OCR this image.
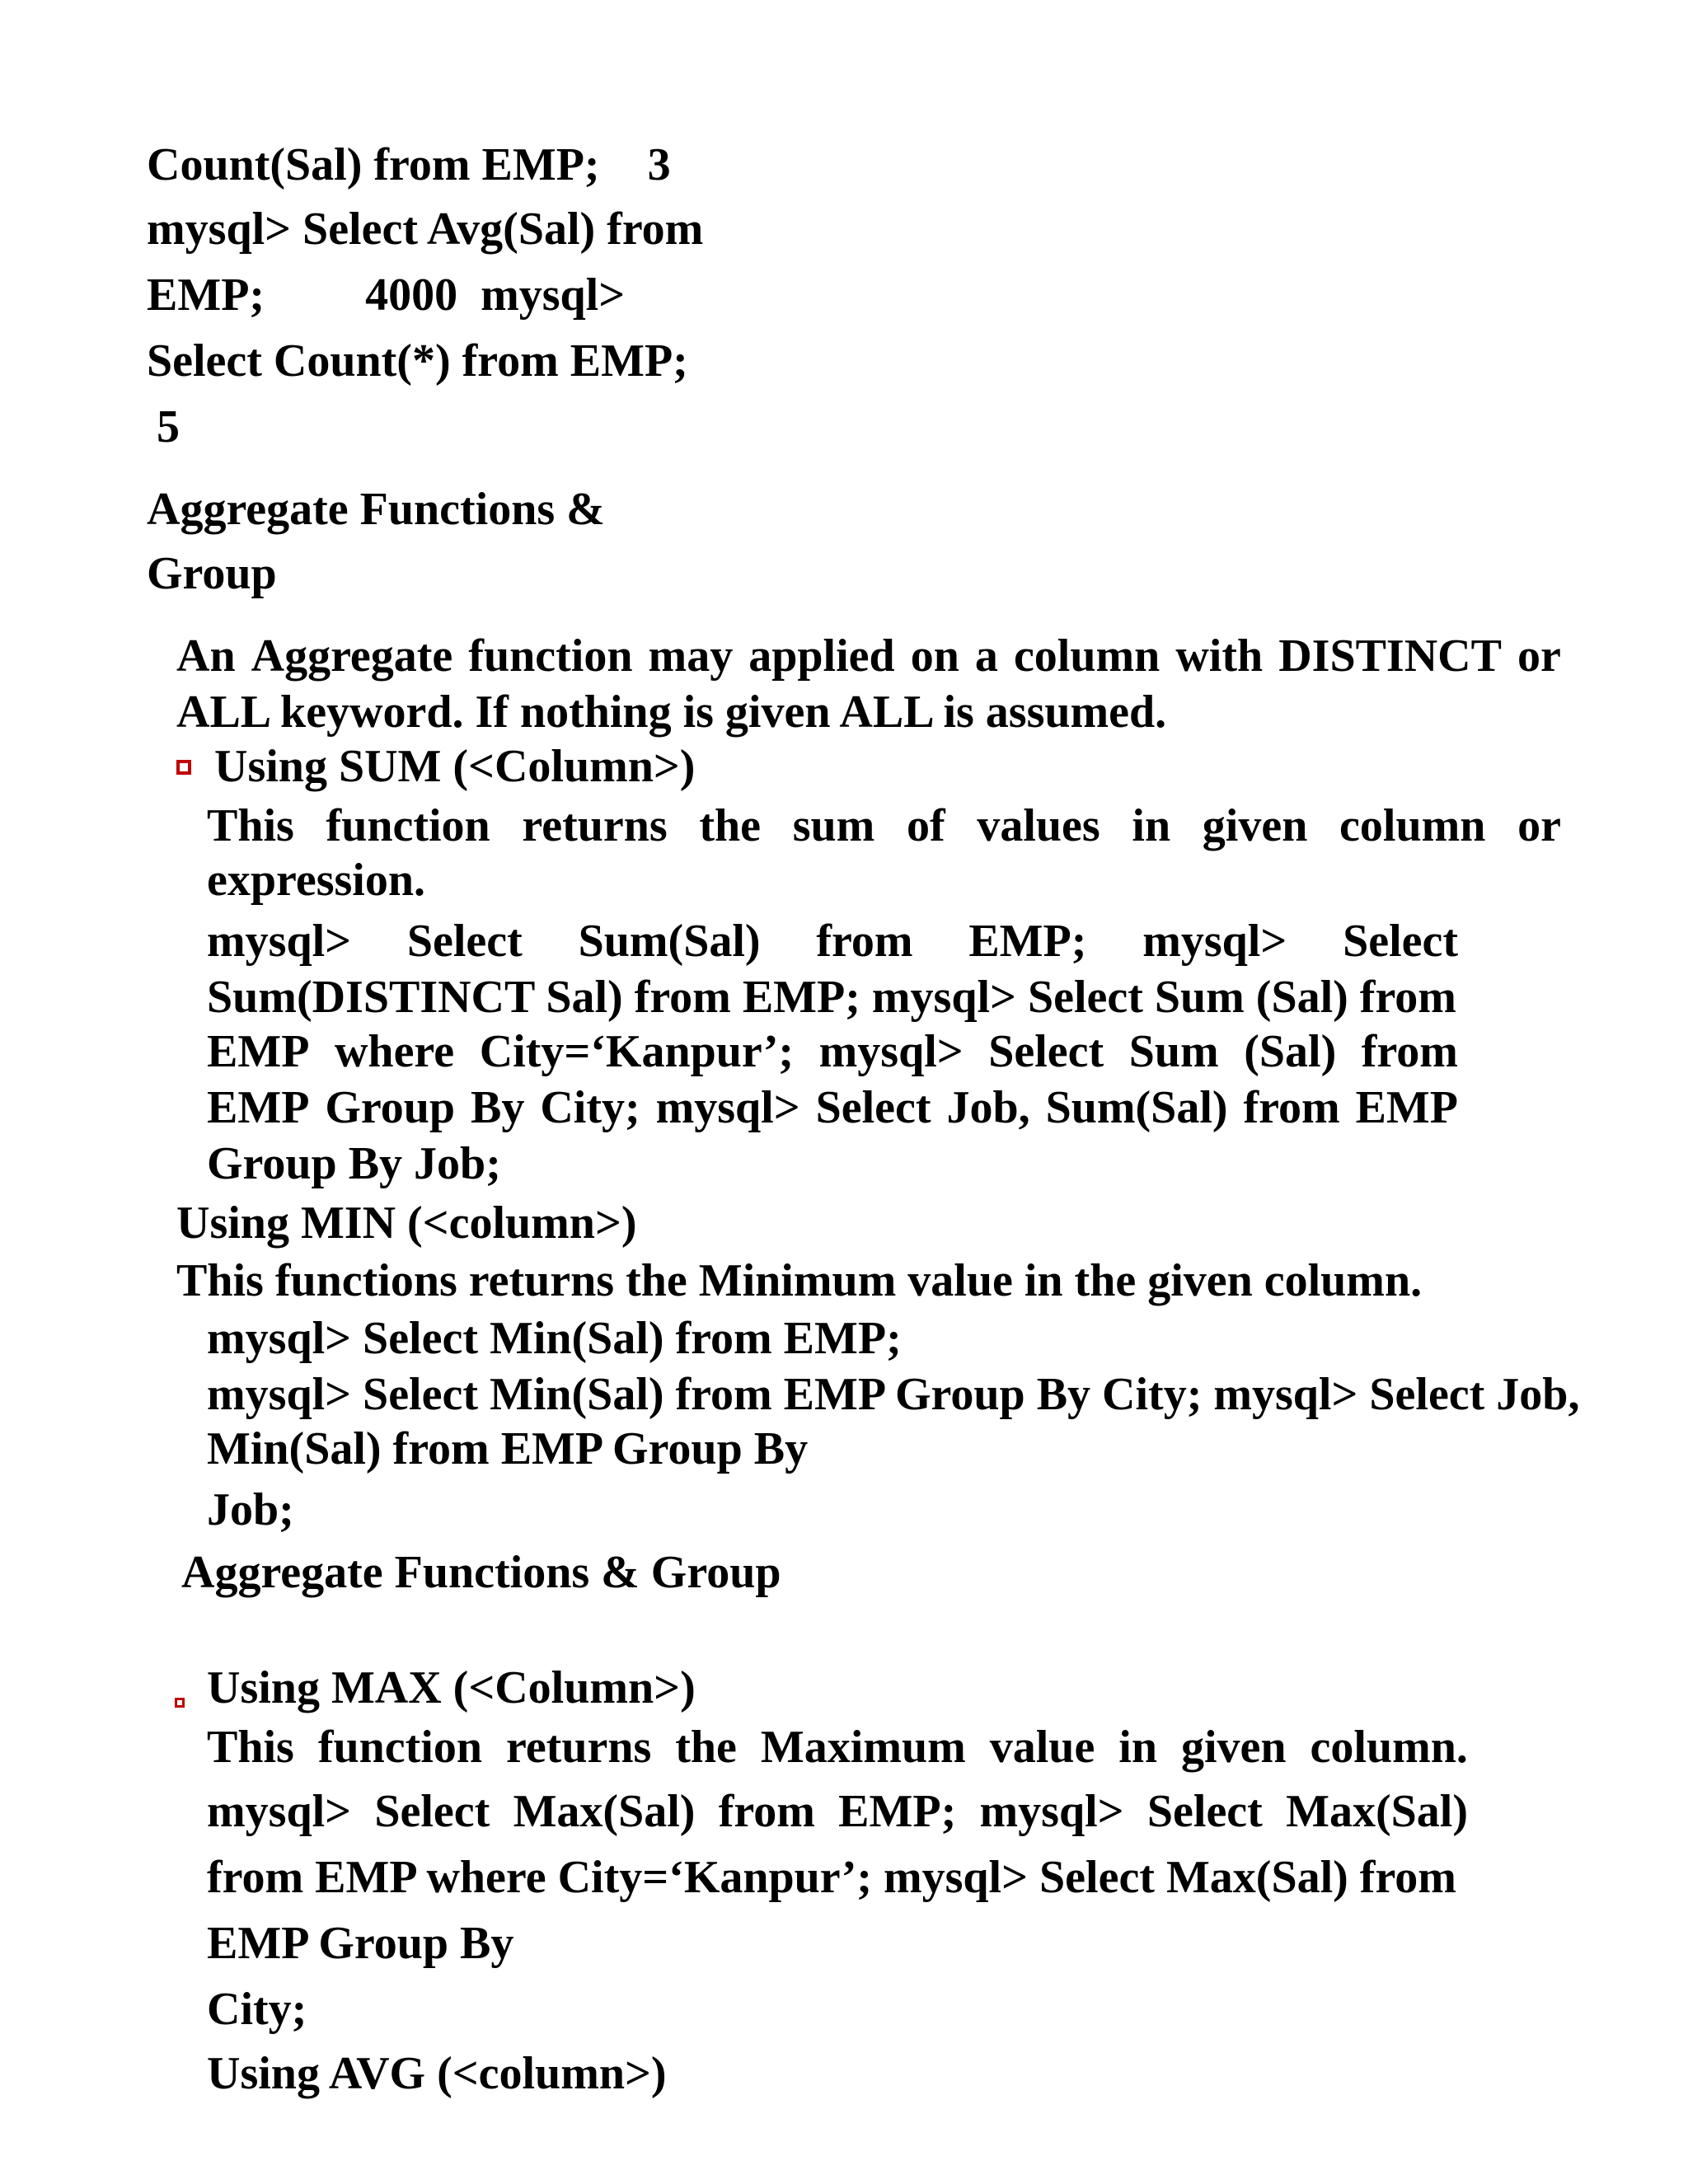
Count(Sal) from EMP; 3
mysql> Select Avg(Sal) from
EMP; 4000  mysql>
Select Count(*) from EMP;
5
Aggregate Functions &
Group
An Aggregate function may applied on a column with DISTINCT or
ALL keyword. If nothing is given ALL is assumed.
Using SUM (<Column>)
This function returns the sum of values in given column or
expression.
mysql> Select Sum(Sal) from EMP; mysql> Select
Sum(DISTINCT Sal) from EMP; mysql> Select Sum (Sal) from
EMP where City=‘Kanpur’; mysql> Select Sum (Sal) from
EMP Group By City; mysql> Select Job, Sum(Sal) from EMP
Group By Job;
Using MIN (<column>)
This functions returns the Minimum value in the given column.
mysql> Select Min(Sal) from EMP;
mysql> Select Min(Sal) from EMP Group By City; mysql> Select Job,
Min(Sal) from EMP Group By
Job;
Aggregate Functions & Group
Using MAX (<Column>)
This function returns the Maximum value in given column.
mysql> Select Max(Sal) from EMP; mysql> Select Max(Sal)
from EMP where City=‘Kanpur’; mysql> Select Max(Sal) from
EMP Group By
City;
Using AVG (<column>)
